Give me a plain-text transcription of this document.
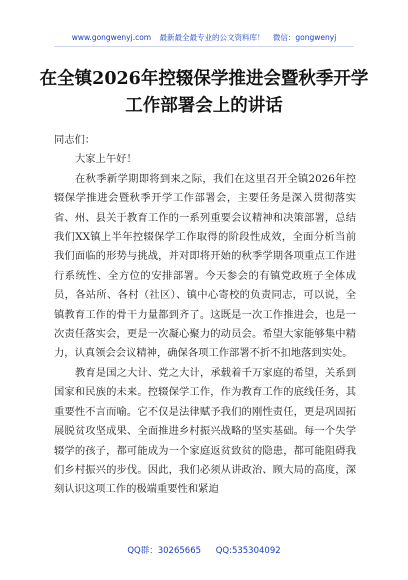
www.gongwenyj.com 最新最全最专业的公文资料库！ 微信：gongwenyj
在全镇2026年控辍保学推进会暨秋季开学
工作部署会上的讲话

同志们：

大家上午好！

在秋季新学期即将到来之际，我们在这里召开全镇2026年控辍保学推进会暨秋季开学工作部署会，主要任务是深入贯彻落实省、州、县关于教育工作的一系列重要会议精神和决策部署，总结我们XX镇上半年控辍保学工作取得的阶段性成效，全面分析当前我们面临的形势与挑战，并对即将开始的秋季学期各项重点工作进行系统性、全方位的安排部署。今天参会的有镇党政班子全体成员，各站所、各村（社区）、镇中心寄校的负责同志，可以说，全镇教育工作的骨干力量都到齐了。这既是一次工作推进会，也是一次责任落实会，更是一次凝心聚力的动员会。希望大家能够集中精力，认真领会会议精神，确保各项工作部署不折不扣地落到实处。

教育是国之大计、党之大计，承载着千万家庭的希望，关系到国家和民族的未来。控辍保学工作，作为教育工作的底线任务，其重要性不言而喻。它不仅是法律赋予我们的刚性责任，更是巩固拓展脱贫攻坚成果、全面推进乡村振兴战略的坚实基础。每一个失学辍学的孩子，都可能成为一个家庭返贫致贫的隐患，都可能阻碍我们乡村振兴的步伐。因此，我们必须从讲政治、顾大局的高度，深刻认识这项工作的极端重要性和紧迫

QQ群：30265665 QQ:535304092
